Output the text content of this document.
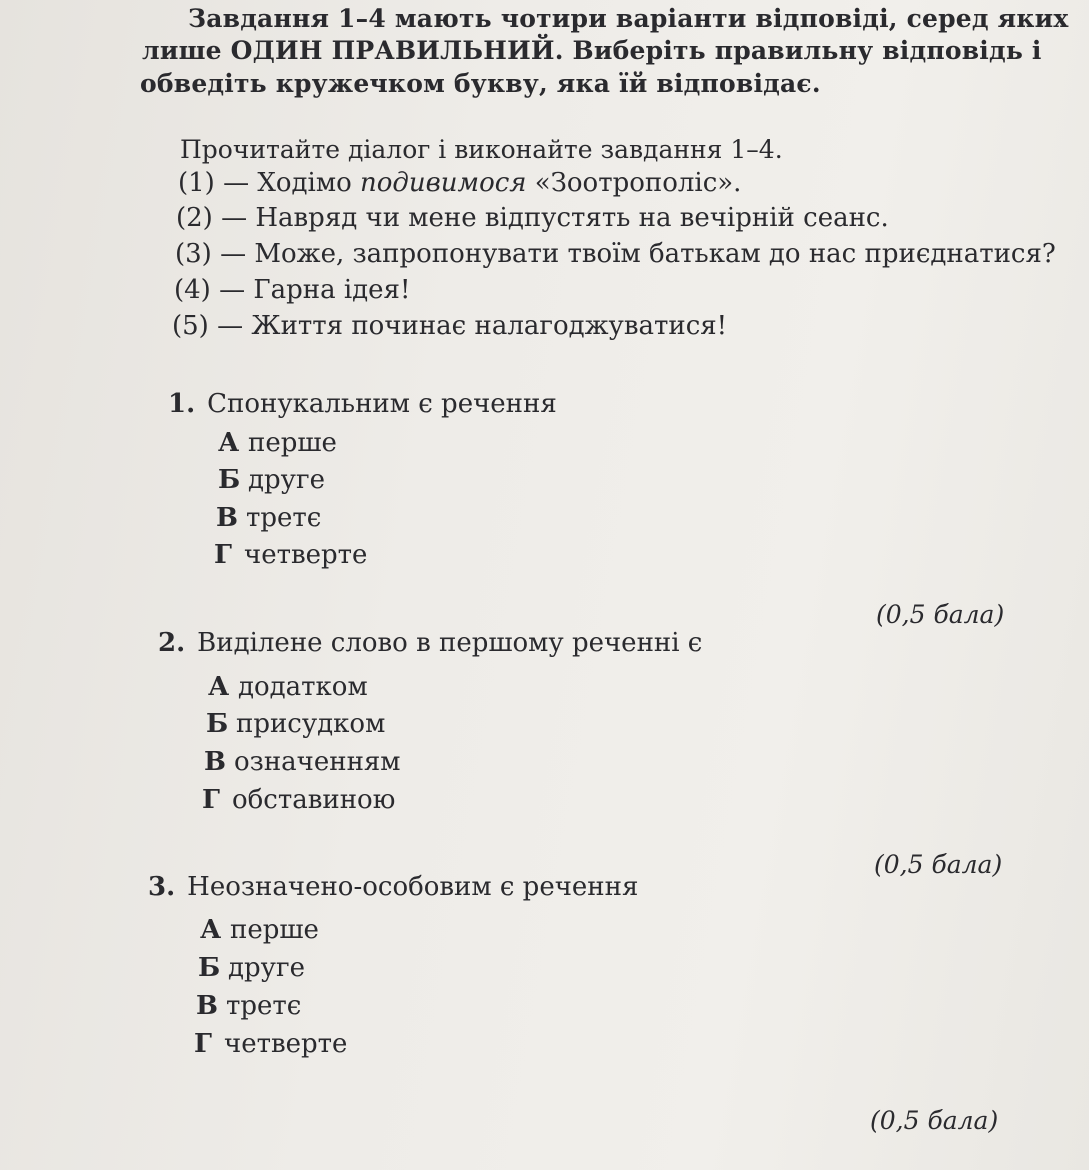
Завдання 1–4 мають чотири варіанти відповіді, серед яких
лише ОДИН ПРАВИЛЬНИЙ. Виберіть правильну відповідь і
обведіть кружечком букву, яка їй відповідає.
Прочитайте діалог і виконайте завдання 1–4.
(1) — Ходімо подивимося «Зоотрополіс».
(2) — Навряд чи мене відпустять на вечірній сеанс.
(3) — Може, запропонувати твоїм батькам до нас приєднатися?
(4) — Гарна ідея!
(5) — Життя починає налагоджуватися!
1. Спонукальним є речення
А перше
Б друге
В третє
Г четверте
(0,5 бала)
2. Виділене слово в першому реченні є
А додатком
Б присудком
В означенням
Г обставиною
(0,5 бала)
3. Неозначено-особовим є речення
А перше
Б друге
В третє
Г четверте
(0,5 бала)
